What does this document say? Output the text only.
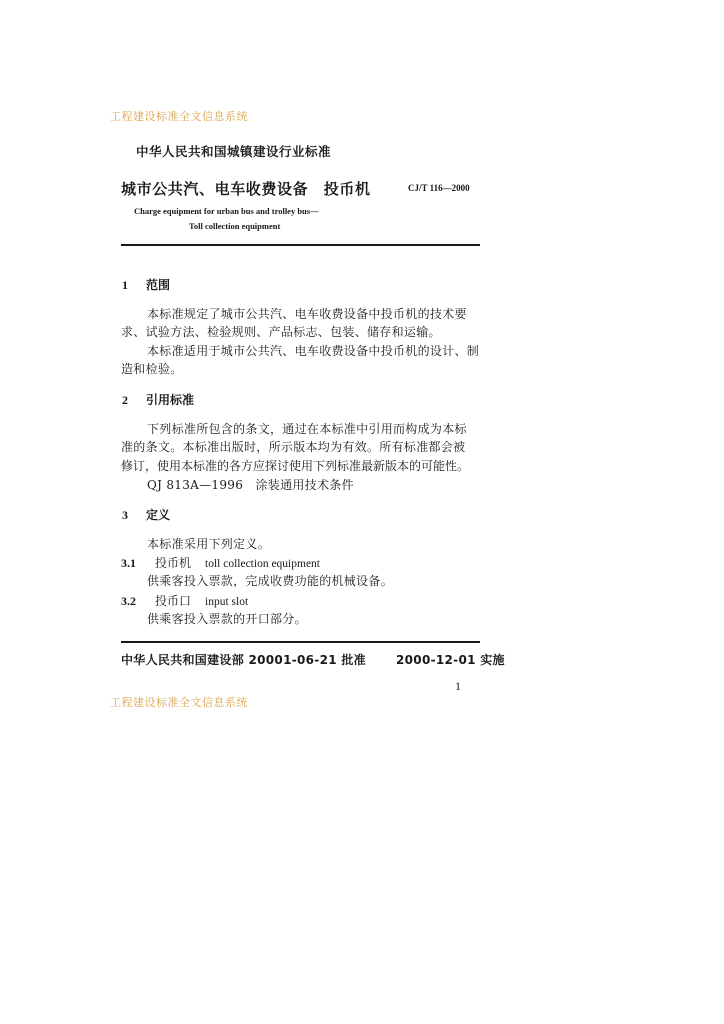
工程建设标准全文信息系统
中华人民共和国城镇建设行业标准
城市公共汽、电车收费设备　投币机	CJ/T 116—2000
Charge equipment for urban bus and trolley bus—
Toll collection equipment
1 范围
本标准规定了城市公共汽、电车收费设备中投币机的技术要
求、试验方法、检验规则、产品标志、包装、储存和运输。
本标准适用于城市公共汽、电车收费设备中投币机的设计、制
造和检验。
2 引用标准
下列标准所包含的条文，通过在本标准中引用而构成为本标
准的条文。本标准出版时，所示版本均为有效。所有标准都会被
修订，使用本标准的各方应探讨使用下列标准最新版本的可能性。
QJ 813A—1996　涂装通用技术条件
3 定义
本标准采用下列定义。
3.1 投币机 toll collection equipment
供乘客投入票款，完成收费功能的机械设备。
3.2 投币口 input slot
供乘客投入票款的开口部分。
中华人民共和国建设部 20001-06-21 批准	2000-12-01 实施
1
工程建设标准全文信息系统
